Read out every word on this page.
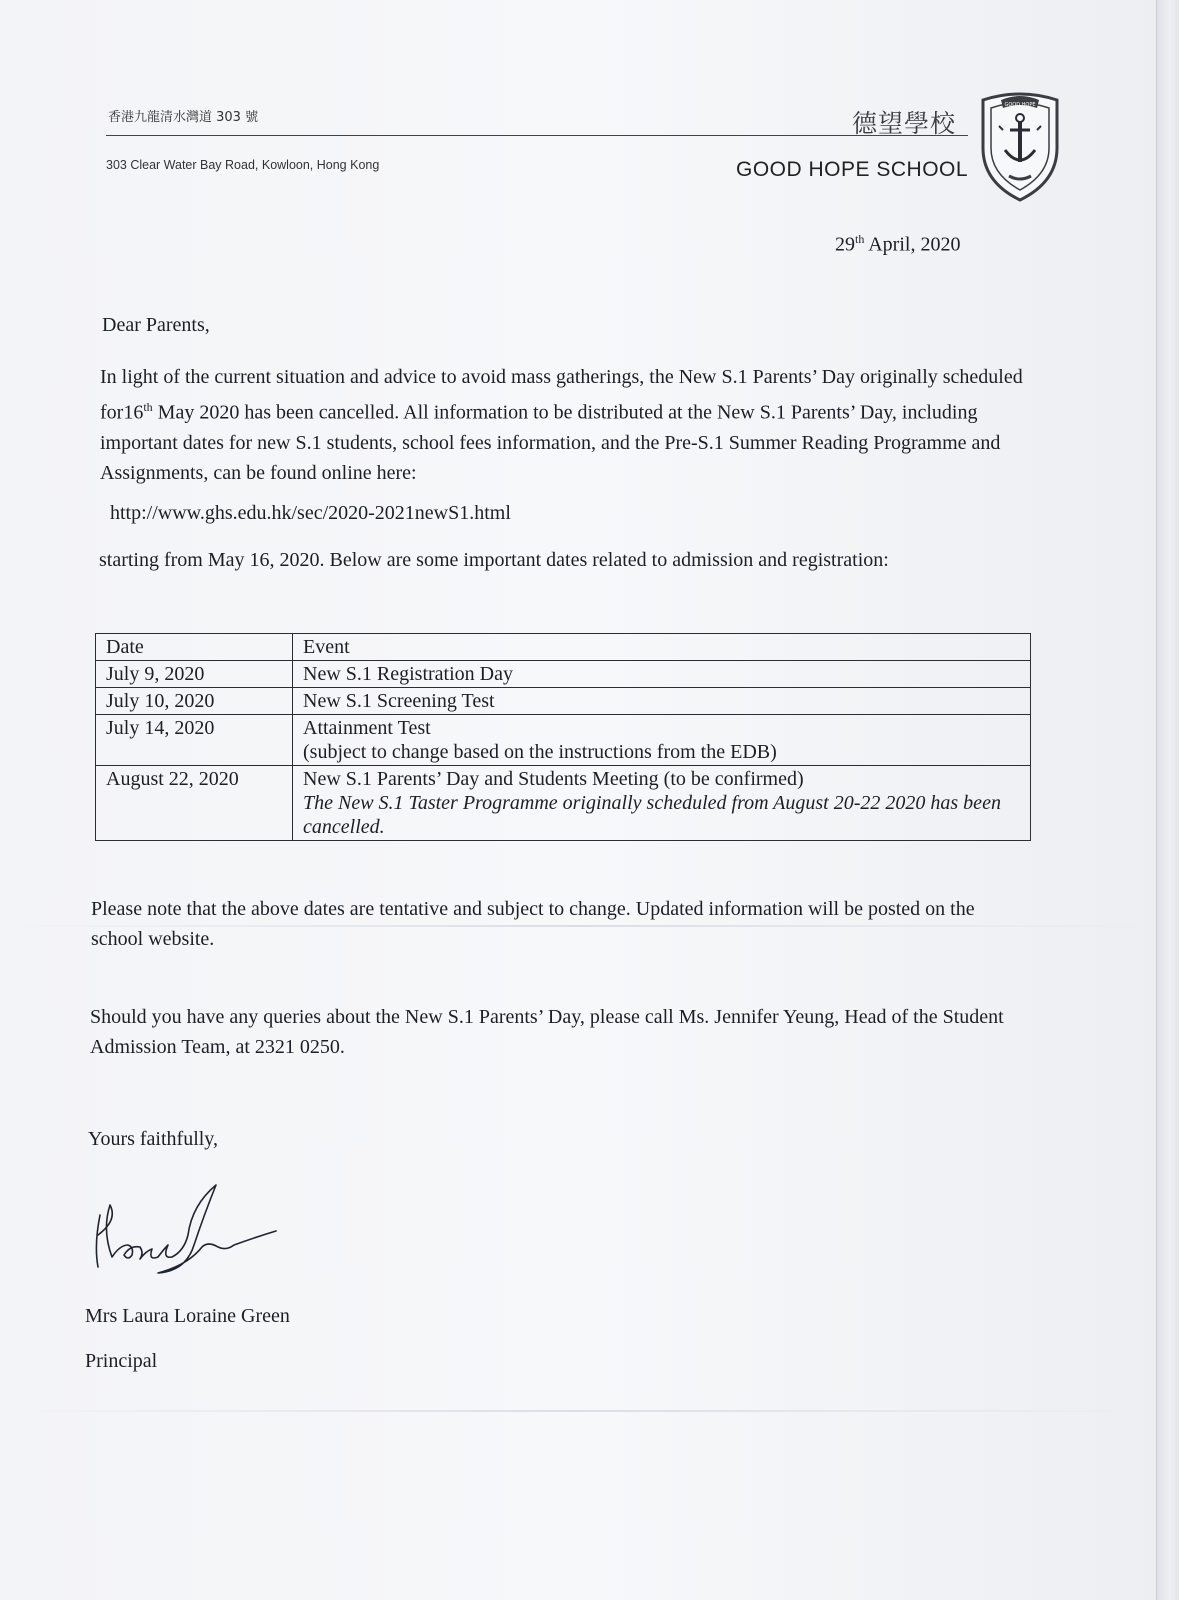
香港九龍清水灣道 303 號
303 Clear Water Bay Road, Kowloon, Hong Kong
德望學校
GOOD HOPE SCHOOL
GOOD HOPE
29th April, 2020
Dear Parents,
In light of the current situation and advice to avoid mass gatherings, the New S.1 Parents’ Day originally scheduled for16th May 2020 has been cancelled. All information to be distributed at the New S.1 Parents’ Day, including important dates for new S.1 students, school fees information, and the Pre-S.1 Summer Reading Programme and Assignments, can be found online here:
http://www.ghs.edu.hk/sec/2020-2021newS1.html
starting from May 16, 2020. Below are some important dates related to admission and registration:
Date	Event
July 9, 2020	New S.1 Registration Day
July 10, 2020	New S.1 Screening Test
July 14, 2020	Attainment Test
(subject to change based on the instructions from the EDB)

August 22, 2020	New S.1 Parents’ Day and Students Meeting (to be confirmed)
The New S.1 Taster Programme originally scheduled from August 20-22 2020 has been cancelled.
Please note that the above dates are tentative and subject to change. Updated information will be posted on the school website.
Should you have any queries about the New S.1 Parents’ Day, please call Ms. Jennifer Yeung, Head of the Student Admission Team, at 2321 0250.
Yours faithfully,
Mrs Laura Loraine Green
Principal
